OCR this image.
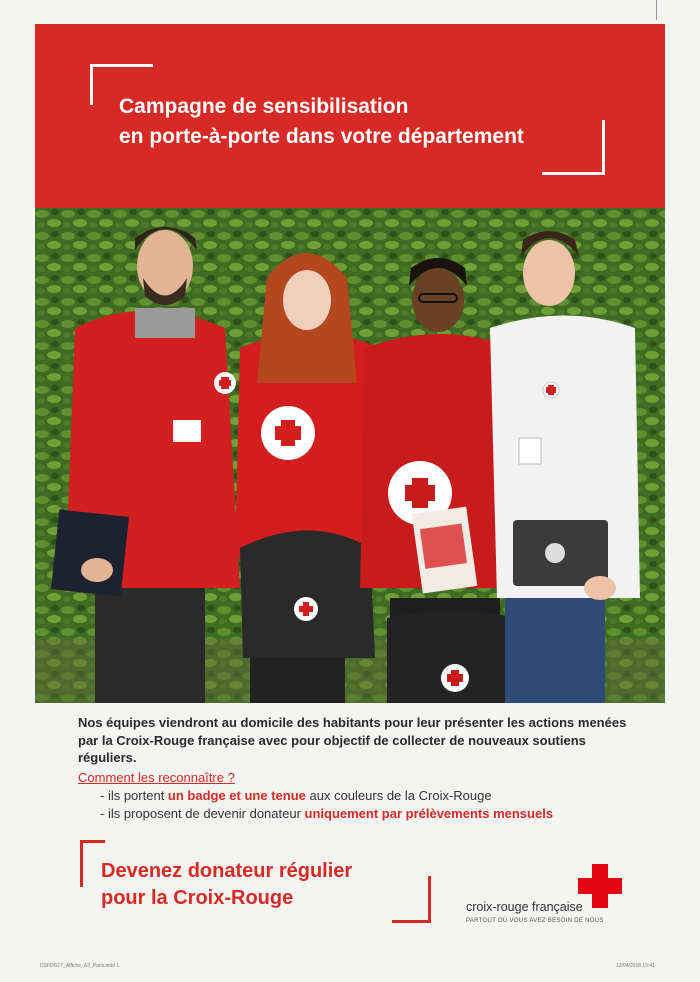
Campagne de sensibilisation
en porte-à-porte dans votre département
Nos équipes viendront au domicile des habitants pour leur présenter les actions menées par la Croix-Rouge française avec pour objectif de collecter de nouveaux soutiens réguliers.
Comment les reconnaître ?
- ils portent un badge et une tenue aux couleurs de la Croix-Rouge
- ils proposent de devenir donateur uniquement par prélèvements mensuels
Devenez donateur régulier
pour la Croix-Rouge	croix-rouge française
PARTOUT OÙ VOUS AVEZ BESOIN DE NOUS
DSFDG17_Affiche_A3_Paris.indd 1	12/04/2018 15:41
